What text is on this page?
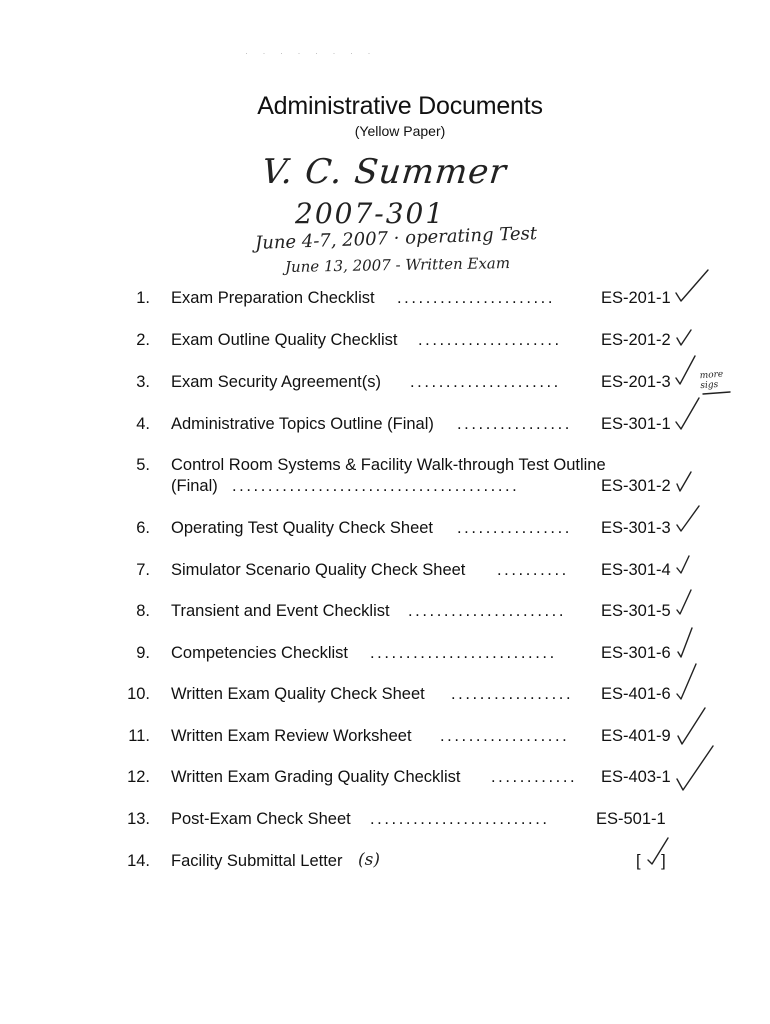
· · · · · · · ·
Administrative Documents
(Yellow Paper)
V. C. Summer
2007-301
June 4-7, 2007 · operating Test
June 13, 2007 - Written Exam
1. Exam Preparation Checklist ......................	ES-201-1
2. Exam Outline Quality Checklist ....................	ES-201-2
3. Exam Security Agreement(s) .....................	ES-201-3
4. Administrative Topics Outline (Final) ................	ES-301-1
5. Control Room Systems & Facility Walk-through Test Outline
(Final) ........................................	ES-301-2
6. Operating Test Quality Check Sheet ................	ES-301-3
7. Simulator Scenario Quality Check Sheet ..........	ES-301-4
8. Transient and Event Checklist ......................	ES-301-5
9. Competencies Checklist ..........................	ES-301-6
10. Written Exam Quality Check Sheet .................	ES-401-6
11. Written Exam Review Worksheet ..................	ES-401-9
12. Written Exam Grading Quality Checklist ............	ES-403-1
13. Post-Exam Check Sheet .........................	ES-501-1
14. Facility Submittal Letter (s)	[ ]
more sigs
